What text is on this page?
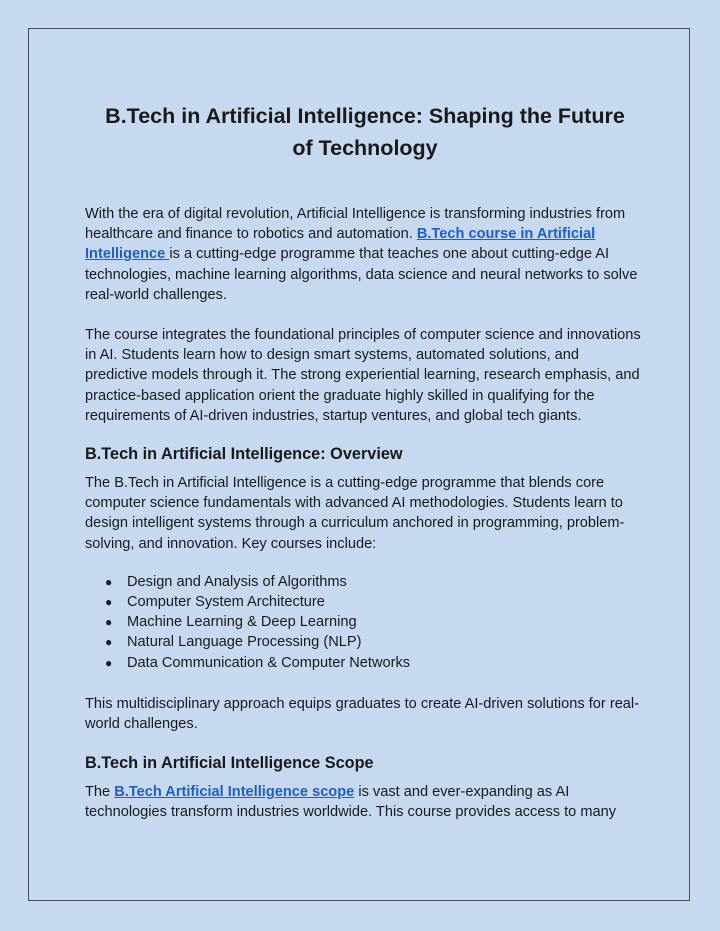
B.Tech in Artificial Intelligence: Shaping the Future
of Technology

With the era of digital revolution, Artificial Intelligence is transforming industries from healthcare and finance to robotics and automation. B.Tech course in Artificial Intelligence is a cutting-edge programme that teaches one about cutting-edge AI technologies, machine learning algorithms, data science and neural networks to solve real-world challenges.

The course integrates the foundational principles of computer science and innovations in AI. Students learn how to design smart systems, automated solutions, and predictive models through it. The strong experiential learning, research emphasis, and practice-based application orient the graduate highly skilled in qualifying for the requirements of AI-driven industries, startup ventures, and global tech giants.

B.Tech in Artificial Intelligence: Overview

The B.Tech in Artificial Intelligence is a cutting-edge programme that blends core computer science fundamentals with advanced AI methodologies. Students learn to design intelligent systems through a curriculum anchored in programming, problem-solving, and innovation. Key courses include:

● Design and Analysis of Algorithms
● Computer System Architecture
● Machine Learning & Deep Learning
● Natural Language Processing (NLP)
● Data Communication & Computer Networks

This multidisciplinary approach equips graduates to create AI-driven solutions for real-world challenges.

B.Tech in Artificial Intelligence Scope

The B.Tech Artificial Intelligence scope is vast and ever-expanding as AI technologies transform industries worldwide. This course provides access to many
